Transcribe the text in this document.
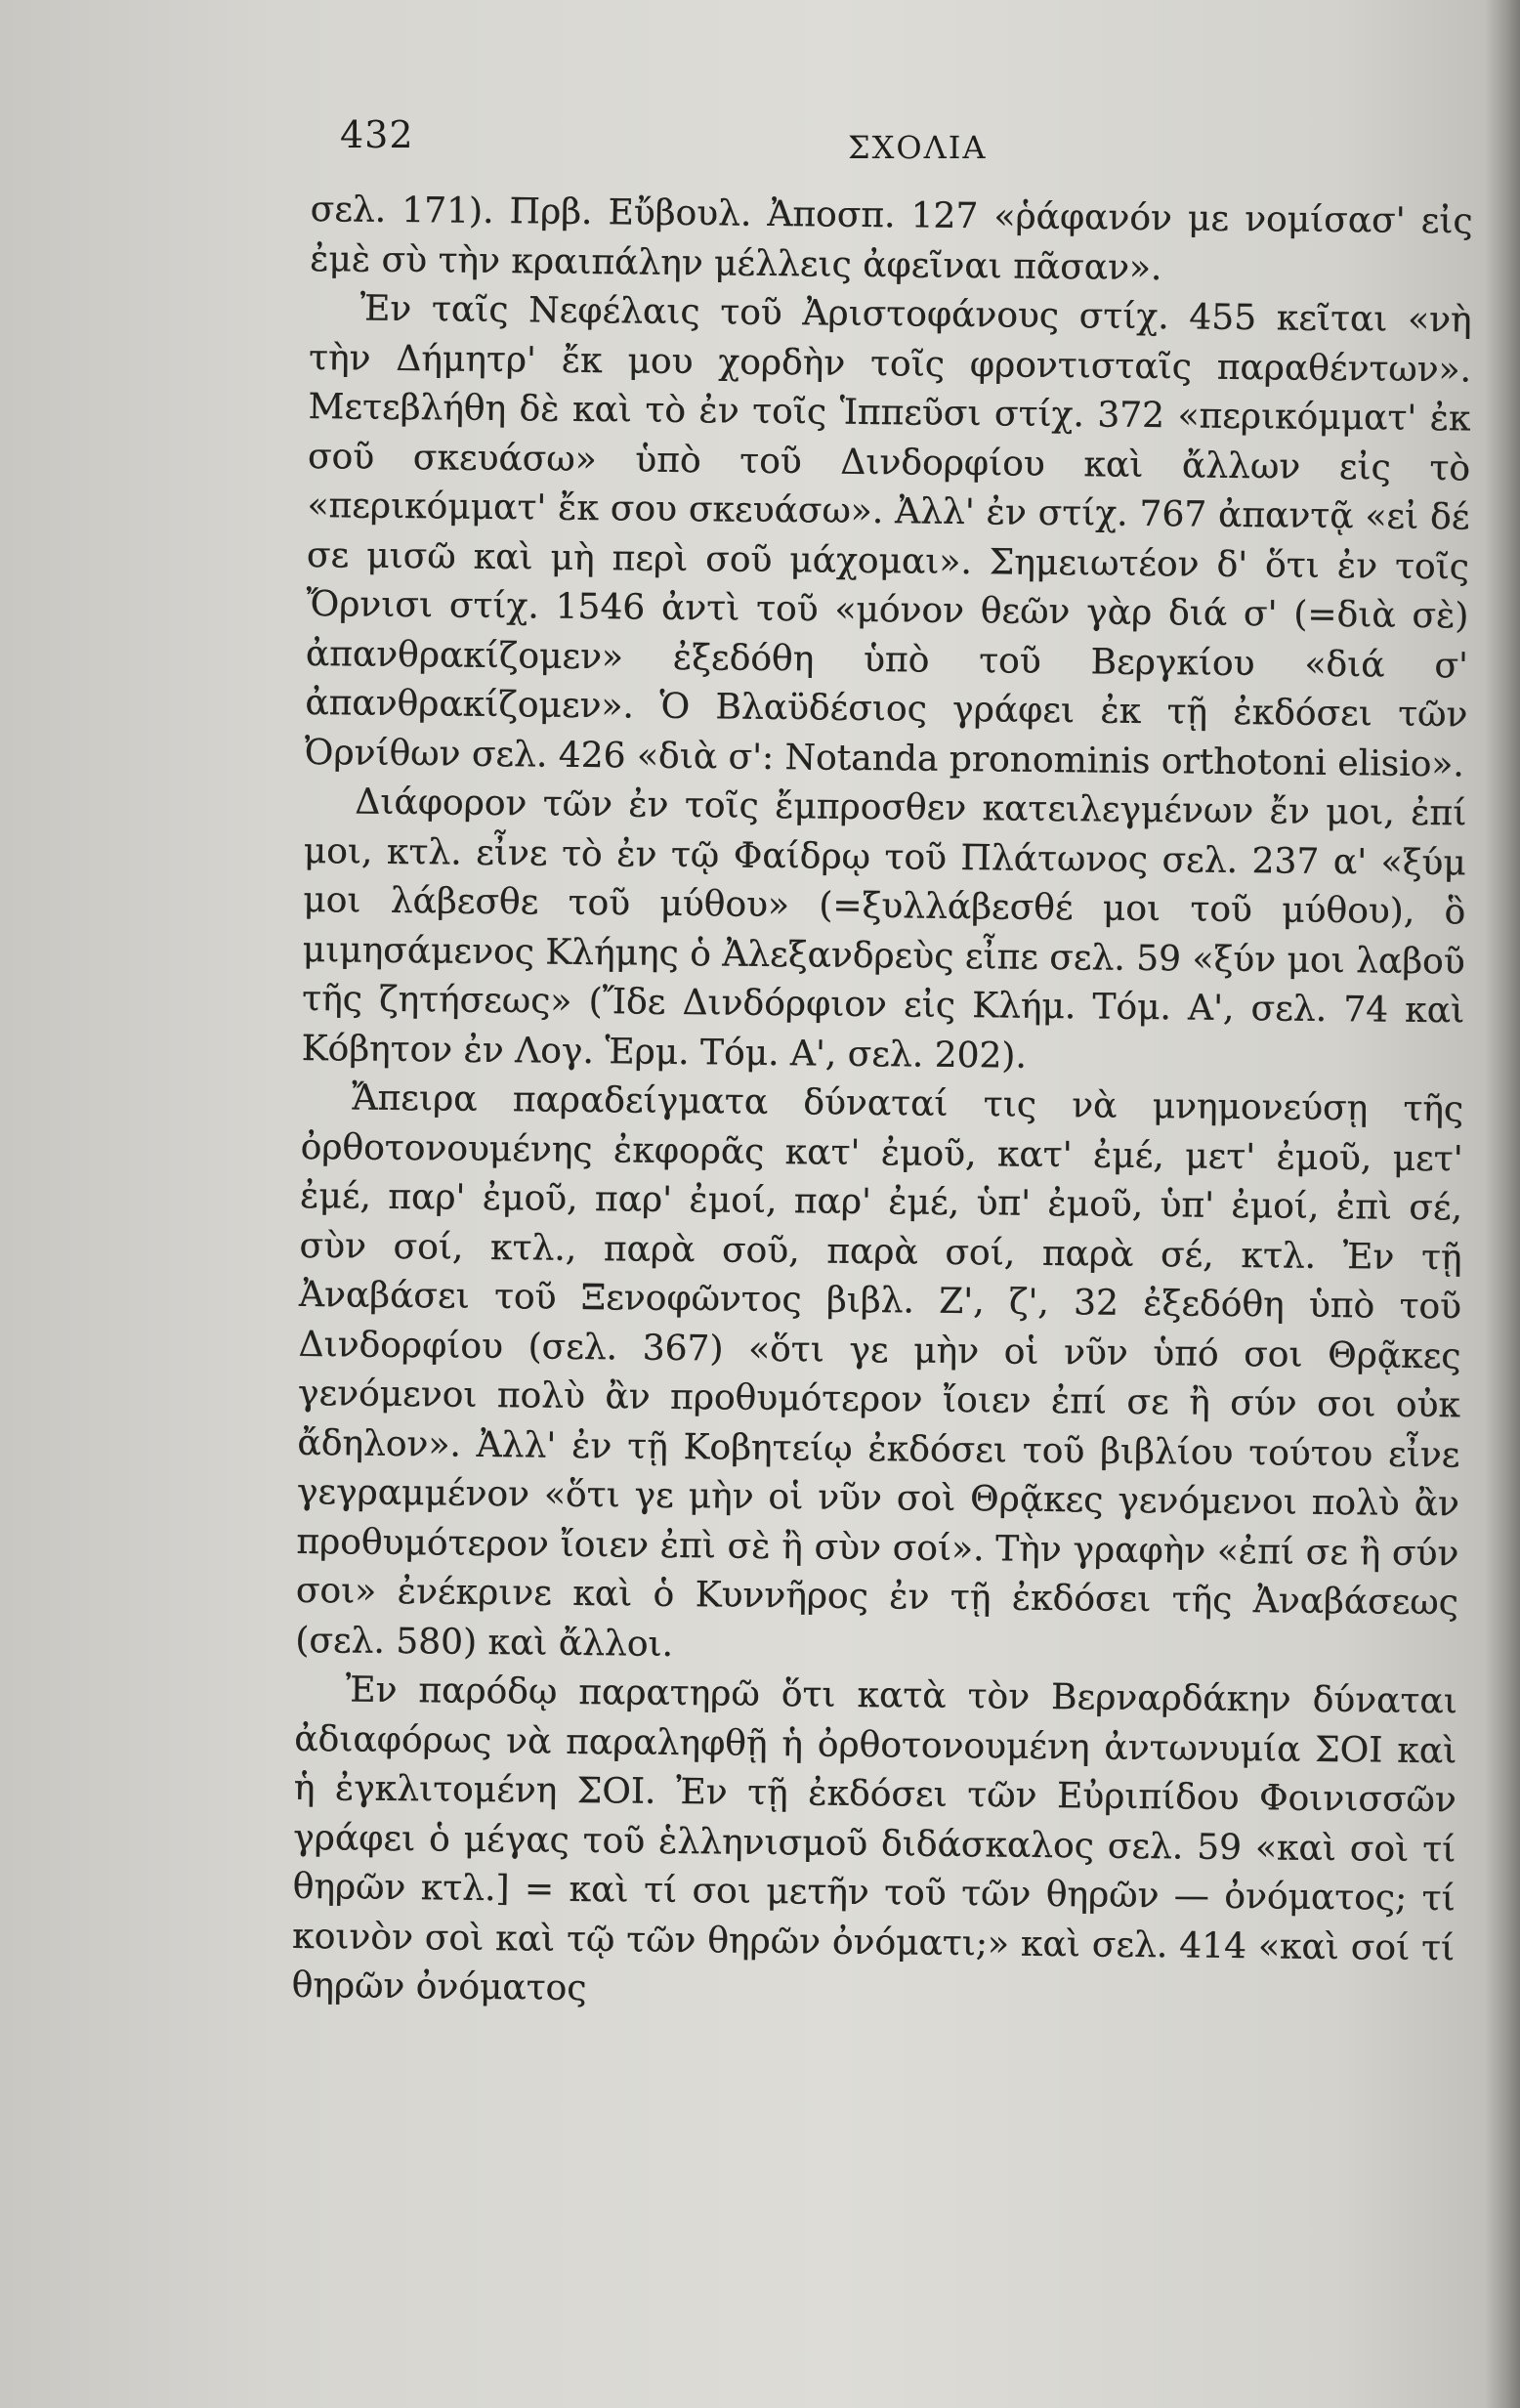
432	ΣΧΟΛΙΑ

σελ. 171). Πρβ. Εὔβουλ. Ἀποσπ. 127 «ῥάφανόν με νομίσασ' εἰς ἐμὲ σὺ τὴν κραιπάλην μέλλεις ἀφεῖναι πᾶσαν».

Ἐν ταῖς Νεφέλαις τοῦ Ἀριστοφάνους στίχ. 455 κεῖται «νὴ τὴν Δήμητρ' ἔκ μου χορδὴν τοῖς φροντισταῖς παραθέντων». Μετεβλήθη δὲ καὶ τὸ ἐν τοῖς Ἱππεῦσι στίχ. 372 «περικόμματ' ἐκ σοῦ σκευάσω» ὑπὸ τοῦ Δινδορφίου καὶ ἄλλων εἰς τὸ «περικόμματ' ἔκ σου σκευάσω». Ἀλλ' ἐν στίχ. 767 ἀπαντᾷ «εἰ δέ σε μισῶ καὶ μὴ περὶ σοῦ μάχομαι». Σημειωτέον δ' ὅτι ἐν τοῖς Ὄρνισι στίχ. 1546 ἀντὶ τοῦ «μόνον θεῶν γὰρ διά σ' (=διὰ σὲ) ἀπανθρακίζομεν» ἐξεδόθη ὑπὸ τοῦ Βεργκίου «διά σ' ἀπανθρακίζομεν». Ὁ Βλαϋδέσιος γράφει ἐκ τῇ ἐκδόσει τῶν Ὀρνίθων σελ. 426 «διὰ σ': Notanda pronominis orthotoni elisio».

Διάφορον τῶν ἐν τοῖς ἔμπροσθεν κατειλεγμένων ἔν μοι, ἐπί μοι, κτλ. εἶνε τὸ ἐν τῷ Φαίδρῳ τοῦ Πλάτωνος σελ. 237 α' «ξύμ μοι λάβεσθε τοῦ μύθου» (=ξυλλάβεσθέ μοι τοῦ μύθου), ὃ μιμησάμενος Κλήμης ὁ Ἀλεξανδρεὺς εἶπε σελ. 59 «ξύν μοι λαβοῦ τῆς ζητήσεως» (Ἴδε Δινδόρφιον εἰς Κλήμ. Τόμ. Α', σελ. 74 καὶ Κόβητον ἐν Λογ. Ἑρμ. Τόμ. Α', σελ. 202).

Ἄπειρα παραδείγματα δύναταί τις νὰ μνημονεύσῃ τῆς ὀρθοτονουμένης ἐκφορᾶς κατ' ἐμοῦ, κατ' ἐμέ, μετ' ἐμοῦ, μετ' ἐμέ, παρ' ἐμοῦ, παρ' ἐμοί, παρ' ἐμέ, ὑπ' ἐμοῦ, ὑπ' ἐμοί, ἐπὶ σέ, σὺν σοί, κτλ., παρὰ σοῦ, παρὰ σοί, παρὰ σέ, κτλ. Ἐν τῇ Ἀναβάσει τοῦ Ξενοφῶντος βιβλ. Ζ', ζ', 32 ἐξεδόθη ὑπὸ τοῦ Δινδορφίου (σελ. 367) «ὅτι γε μὴν οἱ νῦν ὑπό σοι Θρᾷκες γενόμενοι πολὺ ἂν προθυμότερον ἴοιεν ἐπί σε ἢ σύν σοι οὐκ ἄδηλον». Ἀλλ' ἐν τῇ Κοβητείῳ ἐκδόσει τοῦ βιβλίου τούτου εἶνε γεγραμμένον «ὅτι γε μὴν οἱ νῦν σοὶ Θρᾷκες γενόμενοι πολὺ ἂν προθυμότερον ἴοιεν ἐπὶ σὲ ἢ σὺν σοί». Τὴν γραφὴν «ἐπί σε ἢ σύν σοι» ἐνέκρινε καὶ ὁ Κυννῆρος ἐν τῇ ἐκδόσει τῆς Ἀναβάσεως (σελ. 580) καὶ ἄλλοι.

Ἐν παρόδῳ παρατηρῶ ὅτι κατὰ τὸν Βερναρδάκην δύναται ἀδιαφόρως νὰ παραληφθῇ ἡ ὀρθοτονουμένη ἀντωνυμία ΣΟΙ καὶ ἡ ἐγκλιτομένη ΣΟΙ. Ἐν τῇ ἐκδόσει τῶν Εὐριπίδου Φοινισσῶν γράφει ὁ μέγας τοῦ ἑλληνισμοῦ διδάσκαλος σελ. 59 «καὶ σοὶ τί θηρῶν κτλ.] = καὶ τί σοι μετῆν τοῦ τῶν θηρῶν — ὀνόματος; τί κοινὸν σοὶ καὶ τῷ τῶν θηρῶν ὀνόματι;» καὶ σελ. 414 «καὶ σοί τί θηρῶν ὀνόματος
